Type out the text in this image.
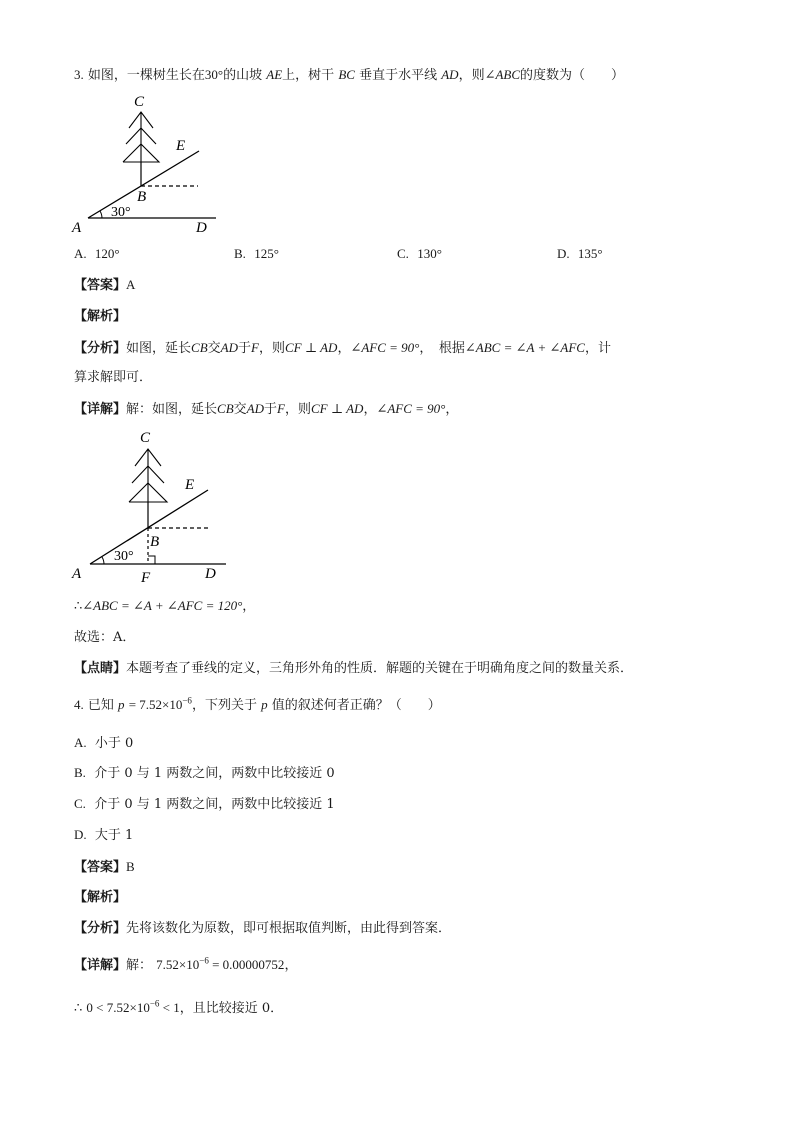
3. 如图，一棵树生长在30°的山坡 AE上，树干 BC 垂直于水平线 AD，则∠ABC的度数为（　　）
C
E
B
A	D
30°
A. 120°	B. 125°	C. 130°	D. 135°
【答案】A
【解析】
【分析】如图，延长CB交AD于F，则CF ⊥ AD，∠AFC = 90°，　根据∠ABC = ∠A + ∠AFC，计
算求解即可．
【详解】解：如图，延长CB交AD于F，则CF ⊥ AD，∠AFC = 90°，
C
E
B
A	F	D
30°
∴∠ABC = ∠A + ∠AFC = 120°，
故选：A．
【点睛】本题考查了垂线的定义，三角形外角的性质．解题的关键在于明确角度之间的数量关系．
4. 已知 $p = 7.52\times 10^{-6}$，下列关于 p 值的叙述何者正确？（　　）
A. 小于 0
B. 介于 0 与 1 两数之间，两数中比较接近 0
C. 介于 0 与 1 两数之间，两数中比较接近 1
D. 大于 1
【答案】B
【解析】
【分析】先将该数化为原数，即可根据取值判断，由此得到答案．
【详解】解： $7.52\times 10^{-6} = 0.00000752$，
∴ $0 < 7.52\times 10^{-6} < 1$，且比较接近 0．
